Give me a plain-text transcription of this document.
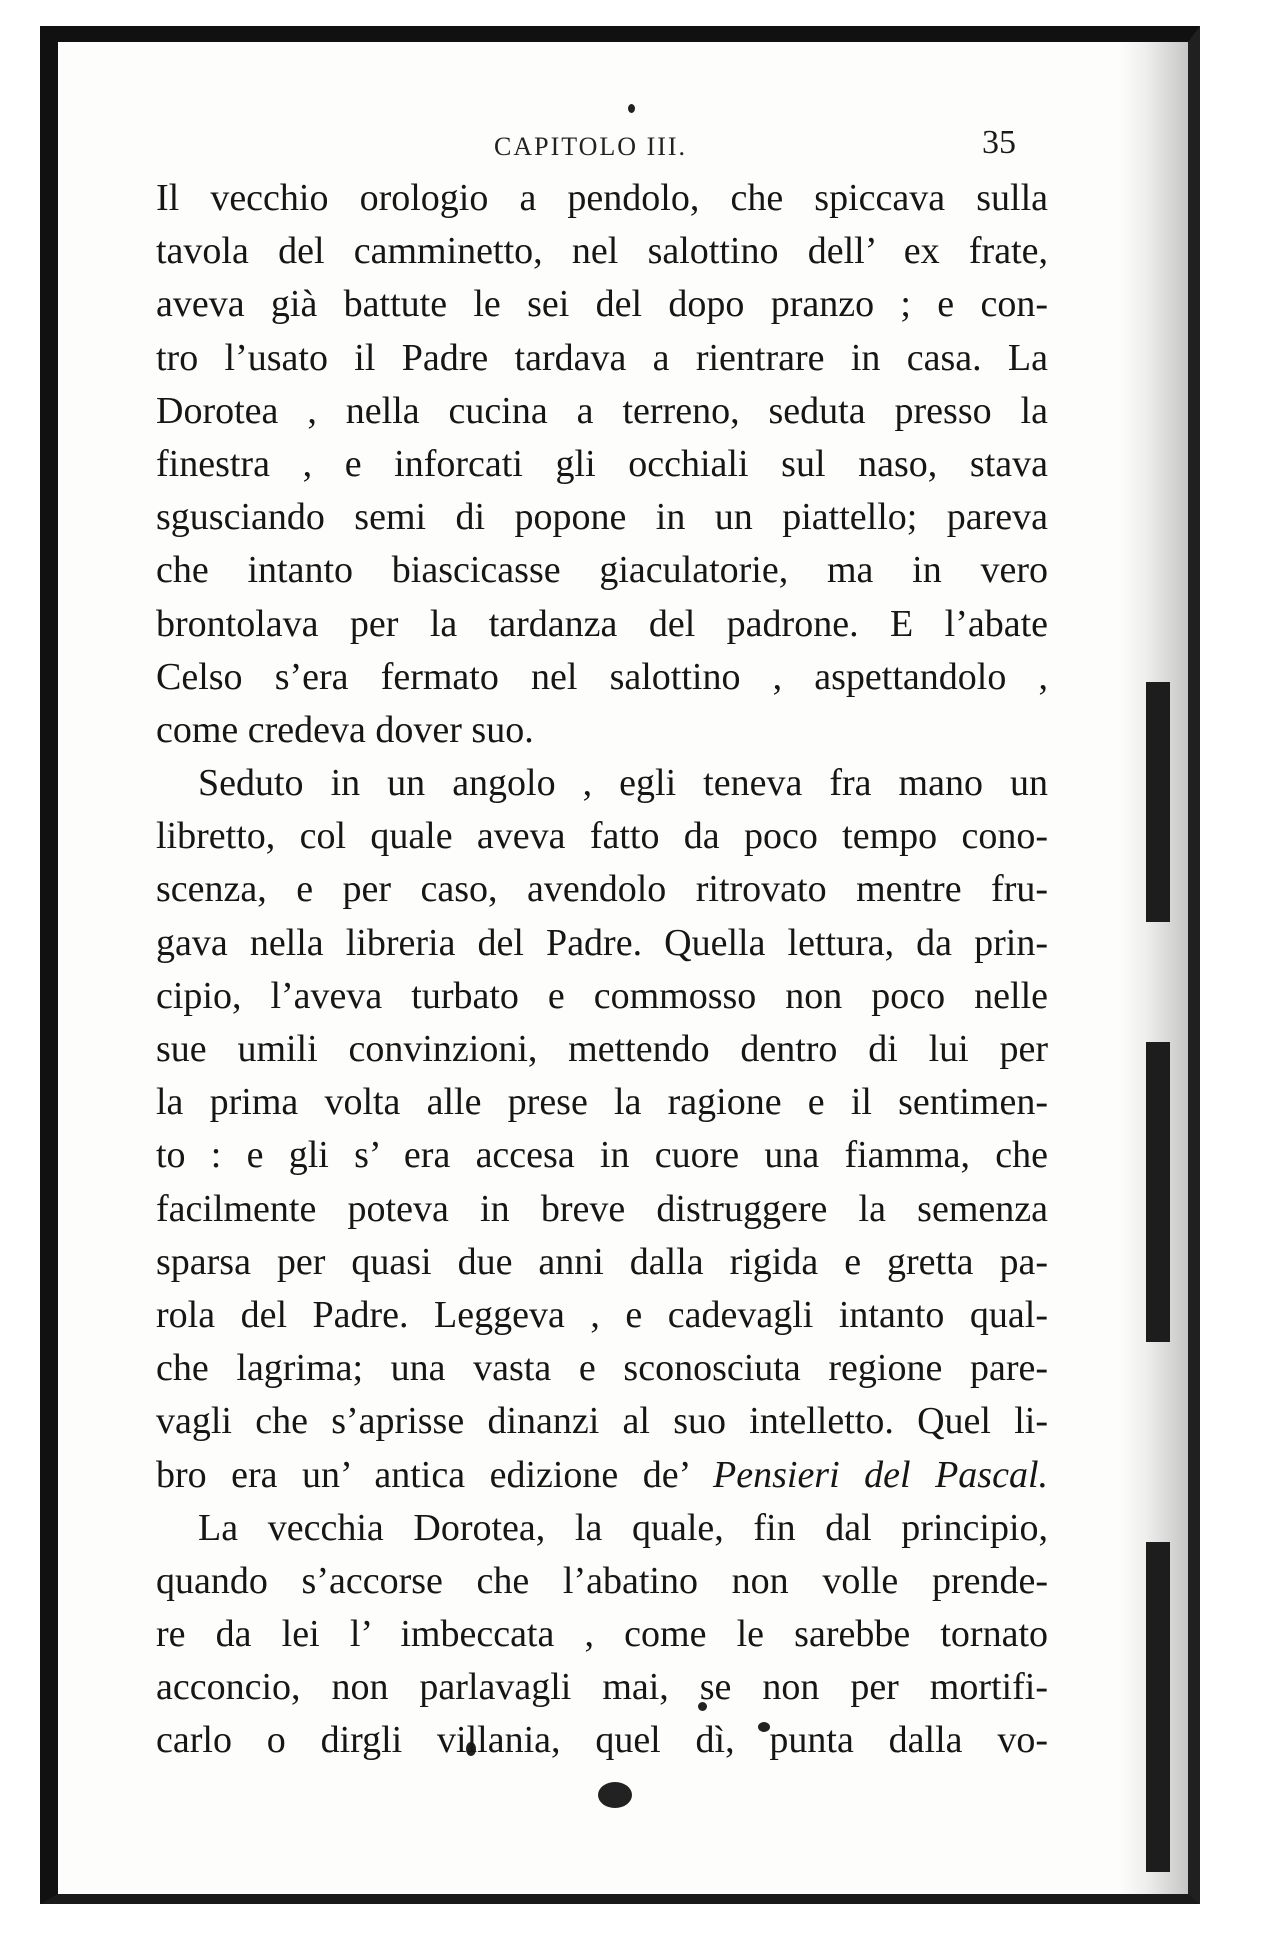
CAPITOLO III.	35
Il vecchio orologio a pendolo, che spiccava sulla
tavola del camminetto, nel salottino dell’ ex frate,
aveva già battute le sei del dopo pranzo ; e con-
tro l’usato il Padre tardava a rientrare in casa. La
Dorotea , nella cucina a terreno, seduta presso la
finestra , e inforcati gli occhiali sul naso, stava
sgusciando semi di popone in un piattello; pareva
che intanto biascicasse giaculatorie, ma in vero
brontolava per la tardanza del padrone. E l’abate
Celso s’era fermato nel salottino , aspettandolo ,
come credeva dover suo.
Seduto in un angolo , egli teneva fra mano un
libretto, col quale aveva fatto da poco tempo cono-
scenza, e per caso, avendolo ritrovato mentre fru-
gava nella libreria del Padre. Quella lettura, da prin-
cipio, l’aveva turbato e commosso non poco nelle
sue umili convinzioni, mettendo dentro di lui per
la prima volta alle prese la ragione e il sentimen-
to : e gli s’ era accesa in cuore una fiamma, che
facilmente poteva in breve distruggere la semenza
sparsa per quasi due anni dalla rigida e gretta pa-
rola del Padre. Leggeva , e cadevagli intanto qual-
che lagrima; una vasta e sconosciuta regione pare-
vagli che s’aprisse dinanzi al suo intelletto. Quel li-
bro era un’ antica edizione de’ Pensieri del Pascal.
La vecchia Dorotea, la quale, fin dal principio,
quando s’accorse che l’abatino non volle prende-
re da lei l’ imbeccata , come le sarebbe tornato
acconcio, non parlavagli mai, se non per mortifi-
carlo o dirgli villania, quel dì, punta dalla vo-
